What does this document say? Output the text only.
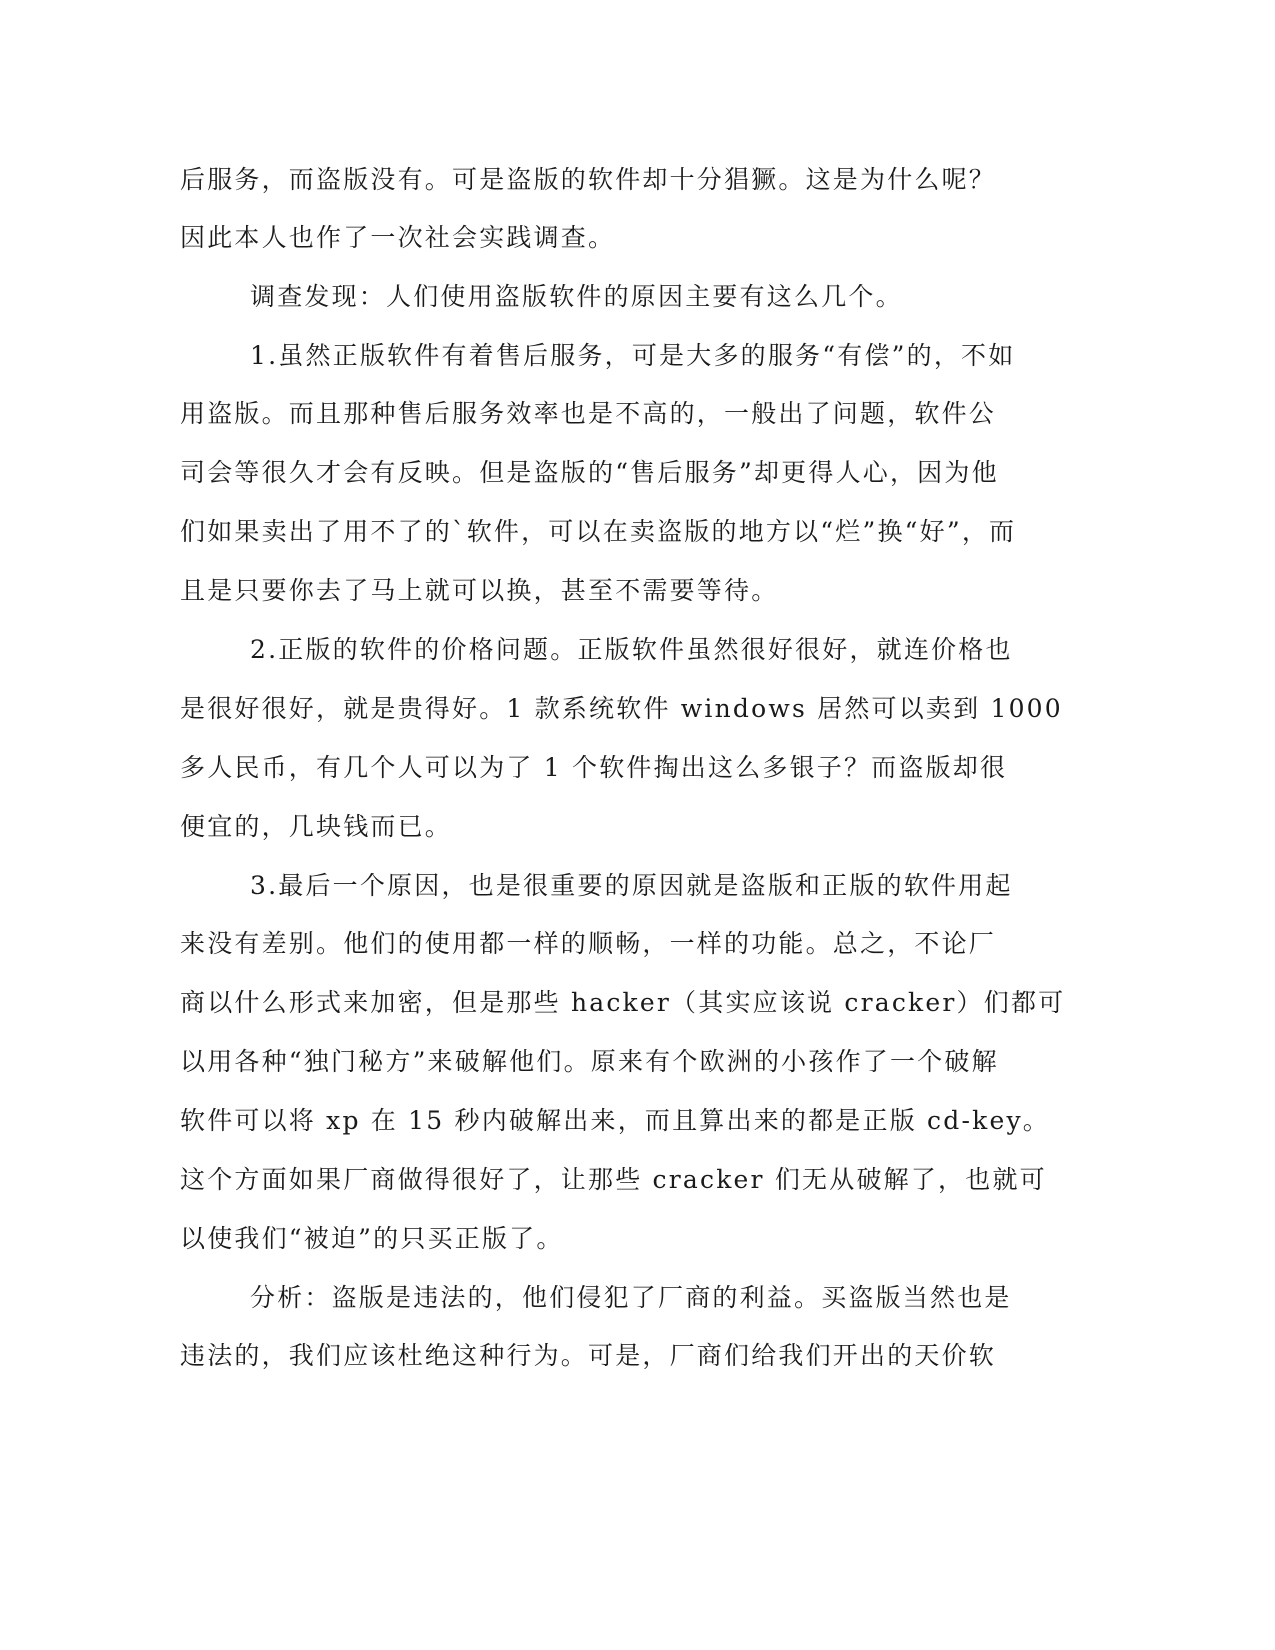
后服务，而盗版没有。可是盗版的软件却十分猖獗。这是为什么呢？

因此本人也作了一次社会实践调查。

调查发现：人们使用盗版软件的原因主要有这么几个。

1.虽然正版软件有着售后服务，可是大多的服务“有偿”的，不如

用盗版。而且那种售后服务效率也是不高的，一般出了问题，软件公

司会等很久才会有反映。但是盗版的“售后服务”却更得人心，因为他

们如果卖出了用不了的`软件，可以在卖盗版的地方以“烂”换“好”，而

且是只要你去了马上就可以换，甚至不需要等待。

2.正版的软件的价格问题。正版软件虽然很好很好，就连价格也

是很好很好，就是贵得好。1 款系统软件 windows 居然可以卖到 1000

多人民币，有几个人可以为了 1 个软件掏出这么多银子？而盗版却很

便宜的，几块钱而已。

3.最后一个原因，也是很重要的原因就是盗版和正版的软件用起

来没有差别。他们的使用都一样的顺畅，一样的功能。总之，不论厂

商以什么形式来加密，但是那些 hacker（其实应该说 cracker）们都可

以用各种“独门秘方”来破解他们。原来有个欧洲的小孩作了一个破解

软件可以将 xp 在 15 秒内破解出来，而且算出来的都是正版 cd-key。

这个方面如果厂商做得很好了，让那些 cracker 们无从破解了，也就可

以使我们“被迫”的只买正版了。

分析：盗版是违法的，他们侵犯了厂商的利益。买盗版当然也是

违法的，我们应该杜绝这种行为。可是，厂商们给我们开出的天价软
